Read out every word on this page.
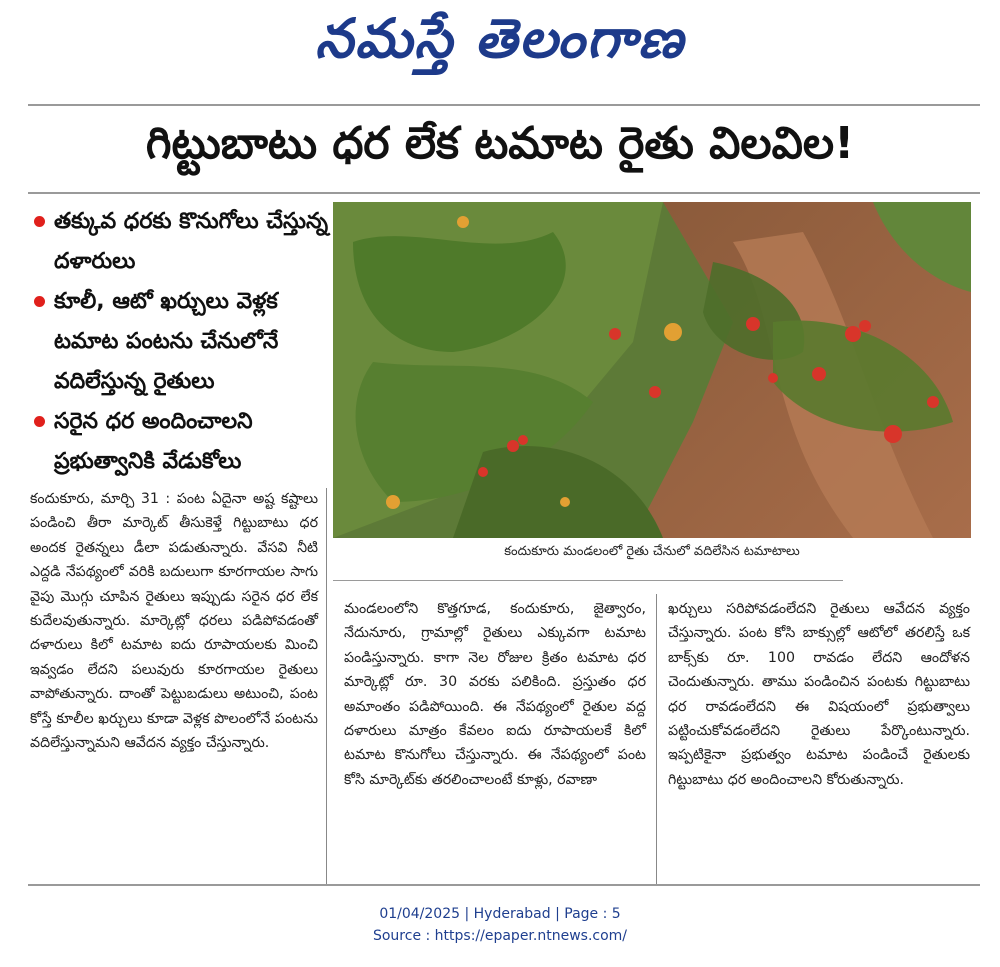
నమస్తే తెలంగాణ
గిట్టుబాటు ధర లేక టమాట రైతు విలవిల!
తక్కువ ధరకు కొనుగోలు చేస్తున్న దళారులు
కూలీ, ఆటో ఖర్చులు వెళ్లక టమాట పంటను చేనులోనే వదిలేస్తున్న రైతులు
సరైన ధర అందించాలని ప్రభుత్వానికి వేడుకోలు
కందుకూరు మండలంలో రైతు చేనులో వదిలేసిన టమాటాలు
కందుకూరు, మార్చి 31 : పంట ఏదైనా అష్ట కష్టాలు పండించి తీరా మార్కెట్ తీసుకెళ్తే గిట్టుబాటు ధర అందక రైతన్నలు డీలా పడుతున్నారు. వేసవి నీటి ఎద్దడి నేపథ్యంలో వరికి బదులుగా కూరగాయల సాగు వైపు మొగ్గు చూపిన రైతులు ఇప్పుడు సరైన ధర లేక కుదేలవుతున్నారు. మార్కెట్లో ధరలు పడిపోవడంతో దళారులు కిలో టమాట ఐదు రూపాయలకు మించి ఇవ్వడం లేదని పలువురు కూరగాయల రైతులు వాపోతున్నారు. దాంతో పెట్టుబడులు అటుంచి, పంట కోస్తే కూలీల ఖర్చులు కూడా వెళ్లక పొలంలోనే పంటను వదిలేస్తున్నామని ఆవేదన వ్యక్తం చేస్తున్నారు.
మండలంలోని కొత్తగూడ, కందుకూరు, జైత్వారం, నేదునూరు, గ్రామాల్లో రైతులు ఎక్కువగా టమాట పండిస్తున్నారు. కాగా నెల రోజుల క్రితం టమాట ధర మార్కెట్లో రూ. 30 వరకు పలికింది. ప్రస్తుతం ధర అమాంతం పడిపోయింది. ఈ నేపథ్యంలో రైతుల వద్ద దళారులు మాత్రం కేవలం ఐదు రూపాయలకే కిలో టమాట కొనుగోలు చేస్తున్నారు. ఈ నేపథ్యంలో పంట కోసి మార్కెట్‌కు తరలించాలంటే కూళ్లు, రవాణా
ఖర్చులు సరిపోవడంలేదని రైతులు ఆవేదన వ్యక్తం చేస్తున్నారు. పంట కోసి బాక్సుల్లో ఆటోలో తరలిస్తే ఒక బాక్స్‌కు రూ. 100 రావడం లేదని ఆందోళన చెందుతున్నారు. తాము పండించిన పంటకు గిట్టుబాటు ధర రావడంలేదని ఈ విషయంలో ప్రభుత్వాలు పట్టించుకోవడంలేదని రైతులు పేర్కొంటున్నారు. ఇప్పటికైనా ప్రభుత్వం టమాట పండించే రైతులకు గిట్టుబాటు ధర అందించాలని కోరుతున్నారు.
01/04/2025 | Hyderabad | Page : 5
Source : https://epaper.ntnews.com/
